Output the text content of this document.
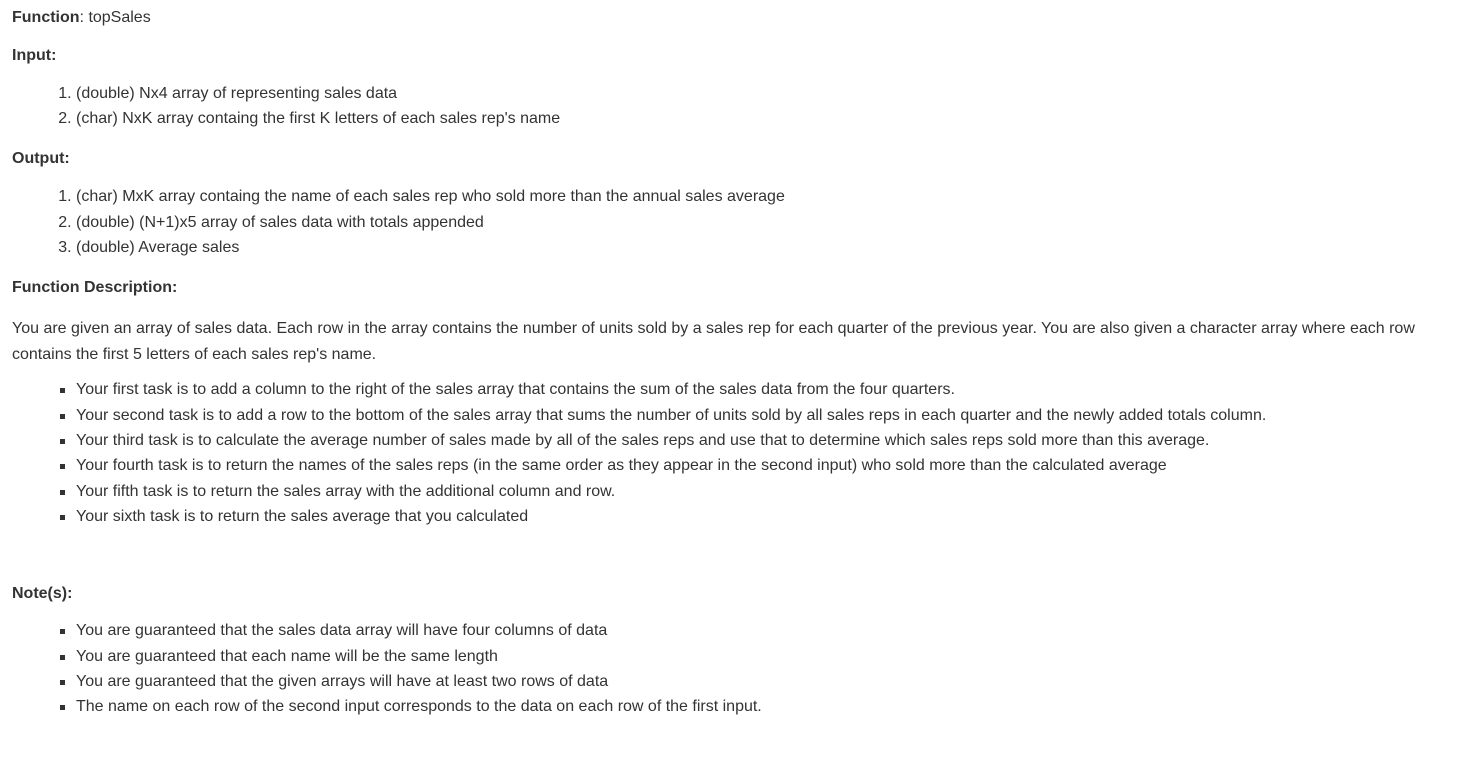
Function: topSales

Input:

1. (double) Nx4 array of representing sales data
2. (char) NxK array containg the first K letters of each sales rep's name

Output:

1. (char) MxK array containg the name of each sales rep who sold more than the annual sales average
2. (double) (N+1)x5 array of sales data with totals appended
3. (double) Average sales

Function Description:

You are given an array of sales data. Each row in the array contains the number of units sold by a sales rep for each quarter of the previous year. You are also given a character array where each row contains the first 5 letters of each sales rep's name.

Your first task is to add a column to the right of the sales array that contains the sum of the sales data from the four quarters.
Your second task is to add a row to the bottom of the sales array that sums the number of units sold by all sales reps in each quarter and the newly added totals column.
Your third task is to calculate the average number of sales made by all of the sales reps and use that to determine which sales reps sold more than this average.
Your fourth task is to return the names of the sales reps (in the same order as they appear in the second input) who sold more than the calculated average
Your fifth task is to return the sales array with the additional column and row.
Your sixth task is to return the sales average that you calculated

Note(s):

You are guaranteed that the sales data array will have four columns of data
You are guaranteed that each name will be the same length
You are guaranteed that the given arrays will have at least two rows of data
The name on each row of the second input corresponds to the data on each row of the first input.
